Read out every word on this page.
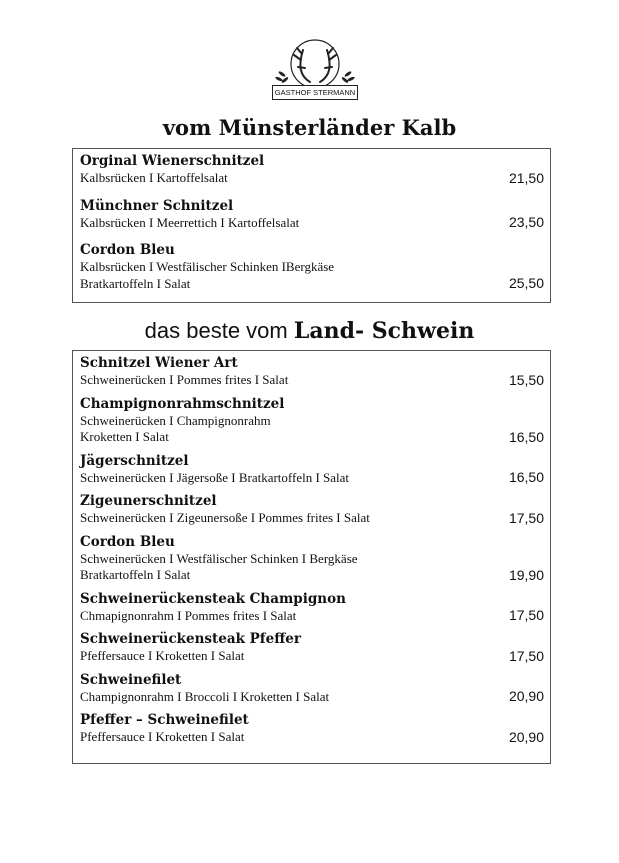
GASTHOF STERMANN
vom Münsterländer Kalb
Orginal Wienerschnitzel
Kalbsrücken I Kartoffelsalat	21,50
Münchner Schnitzel
Kalbsrücken I Meerrettich I Kartoffelsalat	23,50
Cordon Bleu
Kalbsrücken I Westfälischer Schinken IBergkäse
Bratkartoffeln I Salat	25,50
das beste vom Land- Schwein
Schnitzel Wiener Art
Schweinerücken I Pommes frites I Salat	15,50
Champignonrahmschnitzel
Schweinerücken I Champignonrahm
Kroketten I Salat	16,50
Jägerschnitzel
Schweinerücken I Jägersoße I Bratkartoffeln I Salat	16,50
Zigeunerschnitzel
Schweinerücken I Zigeunersoße I Pommes frites I Salat	17,50
Cordon Bleu
Schweinerücken I Westfälischer Schinken I Bergkäse
Bratkartoffeln I Salat	19,90
Schweinerückensteak Champignon
Chmapignonrahm I Pommes frites I Salat	17,50
Schweinerückensteak Pfeffer
Pfeffersauce I Kroketten I Salat	17,50
Schweinefilet
Champignonrahm I Broccoli I Kroketten I Salat	20,90
Pfeffer – Schweinefilet
Pfeffersauce I Kroketten I Salat	20,90
